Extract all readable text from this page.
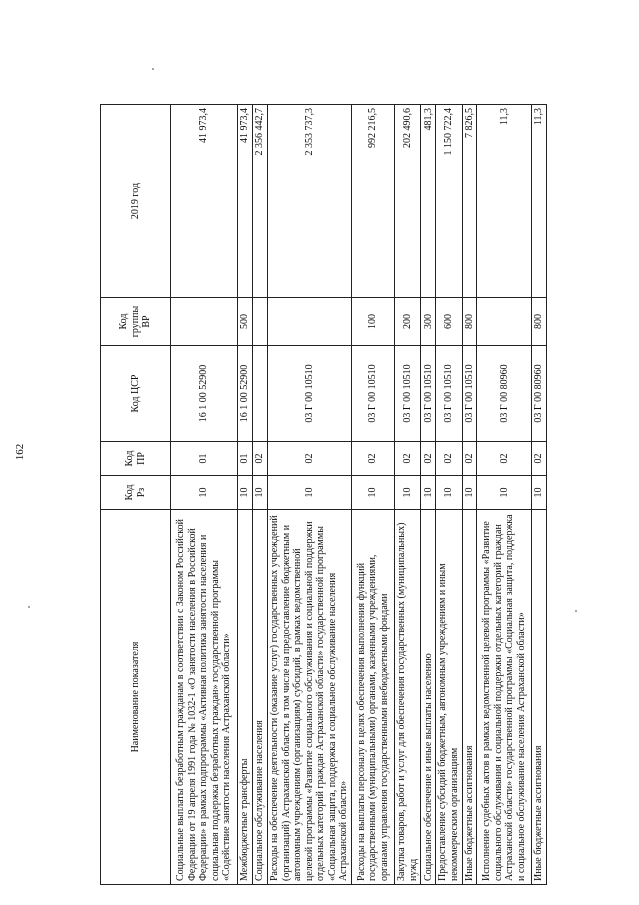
162
Наименование показателя	Код Рз	Код ПР	Код ЦСР	Код группы ВР	2019 год
Социальные выплаты безработным гражданам в соответствии с Законом Российской Федерации от 19 апреля 1991 года № 1032-1 «О занятости населения в Российской Федерации» в рамках подпрограммы «Активная политика занятости населения и социальная поддержка безработных граждан» государственной программы «Содействие занятости населения Астраханской области»	10	01	16 1 00 52900		41 973,4
Межбюджетные трансферты	10	01	16 1 00 52900	500	41 973,4
Социальное обслуживание населения	10	02			2 356 442,7
Расходы на обеспечение деятельности (оказание услуг) государственных учреждений (организаций) Астраханской области, в том числе на предоставление бюджетным и автономным учреждениям (организациям) субсидий, в рамках ведомственной целевой программы «Развитие социального обслуживания и социальной поддержки отдельных категорий граждан Астраханской области» государственной программы «Социальная защита, поддержка и социальное обслуживание населения Астраханской области»	10	02	03 Г 00 10510		2 353 737,3
Расходы на выплаты персоналу в целях обеспечения выполнения функций государственными (муниципальными) органами, казенными учреждениями, органами управления государственными внебюджетными фондами	10	02	03 Г 00 10510	100	992 216,5
Закупка товаров, работ и услуг для обеспечения государственных (муниципальных) нужд	10	02	03 Г 00 10510	200	202 490,6
Социальное обеспечение и иные выплаты населению	10	02	03 Г 00 10510	300	481,3
Предоставление субсидий бюджетным, автономным учреждениям и иным некоммерческим организациям	10	02	03 Г 00 10510	600	1 150 722,4
Иные бюджетные ассигнования	10	02	03 Г 00 10510	800	7 826,5
Исполнение судебных актов в рамках ведомственной целевой программы «Развитие социального обслуживания и социальной поддержки отдельных категорий граждан Астраханской области» государственной программы «Социальная защита, поддержка и социальное обслуживание населения Астраханской области»	10	02	03 Г 00 80960		11,3
Иные бюджетные ассигнования	10	02	03 Г 00 80960	800	11,3
